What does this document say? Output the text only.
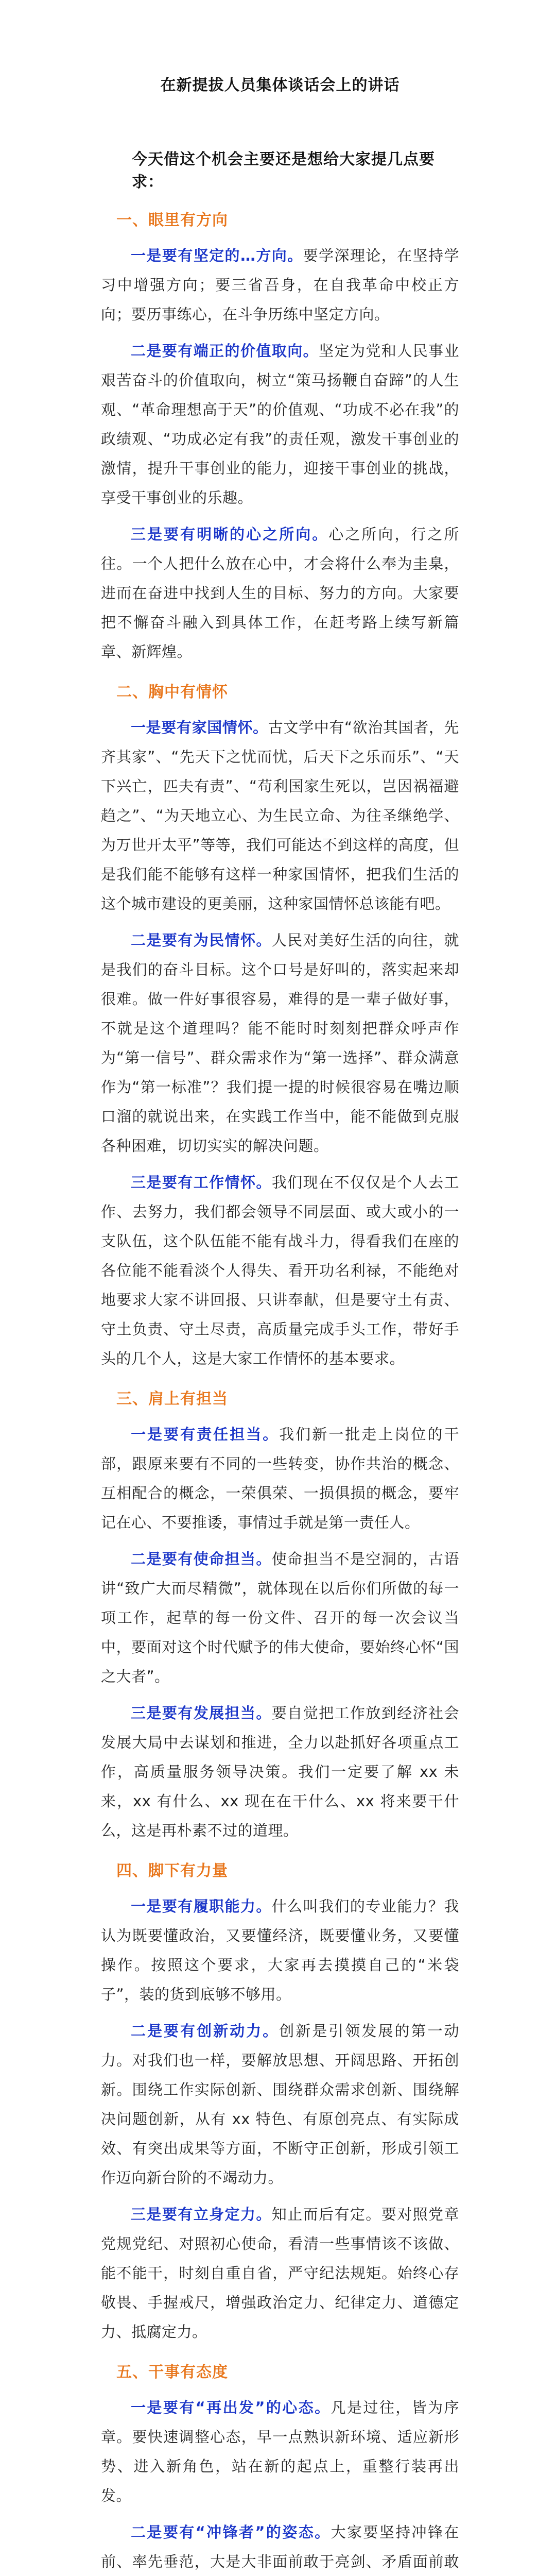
在新提拔人员集体谈话会上的讲话

今天借这个机会主要还是想给大家提几点要求：

一、眼里有方向

一是要有坚定的…方向。要学深理论，在坚持学习中增强方向；要三省吾身，在自我革命中校正方向；要历事练心，在斗争历练中坚定方向。

二是要有端正的价值取向。坚定为党和人民事业艰苦奋斗的价值取向，树立“策马扬鞭自奋蹄”的人生观、“革命理想高于天”的价值观、“功成不必在我”的政绩观、“功成必定有我”的责任观，激发干事创业的激情，提升干事创业的能力，迎接干事创业的挑战，享受干事创业的乐趣。

三是要有明晰的心之所向。心之所向，行之所往。一个人把什么放在心中，才会将什么奉为圭臬，进而在奋进中找到人生的目标、努力的方向。大家要把不懈奋斗融入到具体工作，在赶考路上续写新篇章、新辉煌。

二、胸中有情怀

一是要有家国情怀。古文学中有“欲治其国者，先齐其家”、“先天下之忧而忧，后天下之乐而乐”、“天下兴亡，匹夫有责”、“苟利国家生死以，岂因祸福避趋之”、“为天地立心、为生民立命、为往圣继绝学、为万世开太平”等等，我们可能达不到这样的高度，但是我们能不能够有这样一种家国情怀，把我们生活的这个城市建设的更美丽，这种家国情怀总该能有吧。

二是要有为民情怀。人民对美好生活的向往，就是我们的奋斗目标。这个口号是好叫的，落实起来却很难。做一件好事很容易，难得的是一辈子做好事，不就是这个道理吗？能不能时时刻刻把群众呼声作为“第一信号”、群众需求作为“第一选择”、群众满意作为“第一标准”？我们提一提的时候很容易在嘴边顺口溜的就说出来，在实践工作当中，能不能做到克服各种困难，切切实实的解决问题。

三是要有工作情怀。我们现在不仅仅是个人去工作、去努力，我们都会领导不同层面、或大或小的一支队伍，这个队伍能不能有战斗力，得看我们在座的各位能不能看淡个人得失、看开功名利禄，不能绝对地要求大家不讲回报、只讲奉献，但是要守土有责、守土负责、守土尽责，高质量完成手头工作，带好手头的几个人，这是大家工作情怀的基本要求。

三、肩上有担当

一是要有责任担当。我们新一批走上岗位的干部，跟原来要有不同的一些转变，协作共治的概念、互相配合的概念，一荣俱荣、一损俱损的概念，要牢记在心、不要推诿，事情过手就是第一责任人。

二是要有使命担当。使命担当不是空洞的，古语讲“致广大而尽精微”，就体现在以后你们所做的每一项工作，起草的每一份文件、召开的每一次会议当中，要面对这个时代赋予的伟大使命，要始终心怀“国之大者”。

三是要有发展担当。要自觉把工作放到经济社会发展大局中去谋划和推进，全力以赴抓好各项重点工作，高质量服务领导决策。我们一定要了解 xx 未来，xx 有什么、xx 现在在干什么、xx 将来要干什么，这是再朴素不过的道理。

四、脚下有力量

一是要有履职能力。什么叫我们的专业能力？我认为既要懂政治，又要懂经济，既要懂业务，又要懂操作。按照这个要求，大家再去摸摸自己的“米袋子”，装的货到底够不够用。

二是要有创新动力。创新是引领发展的第一动力。对我们也一样，要解放思想、开阔思路、开拓创新。围绕工作实际创新、围绕群众需求创新、围绕解决问题创新，从有 xx 特色、有原创亮点、有实际成效、有突出成果等方面，不断守正创新，形成引领工作迈向新台阶的不竭动力。

三是要有立身定力。知止而后有定。要对照党章党规党纪、对照初心使命，看清一些事情该不该做、能不能干，时刻自重自省，严守纪法规矩。始终心存敬畏、手握戒尺，增强政治定力、纪律定力、道德定力、抵腐定力。

五、干事有态度

一是要有“再出发”的心态。凡是过往，皆为序章。要快速调整心态，早一点熟识新环境、适应新形势、进入新角色，站在新的起点上，重整行装再出发。

二是要有“冲锋者”的姿态。大家要坚持冲锋在前、率先垂范，大是大非面前敢于亮剑、矛盾面前敢
